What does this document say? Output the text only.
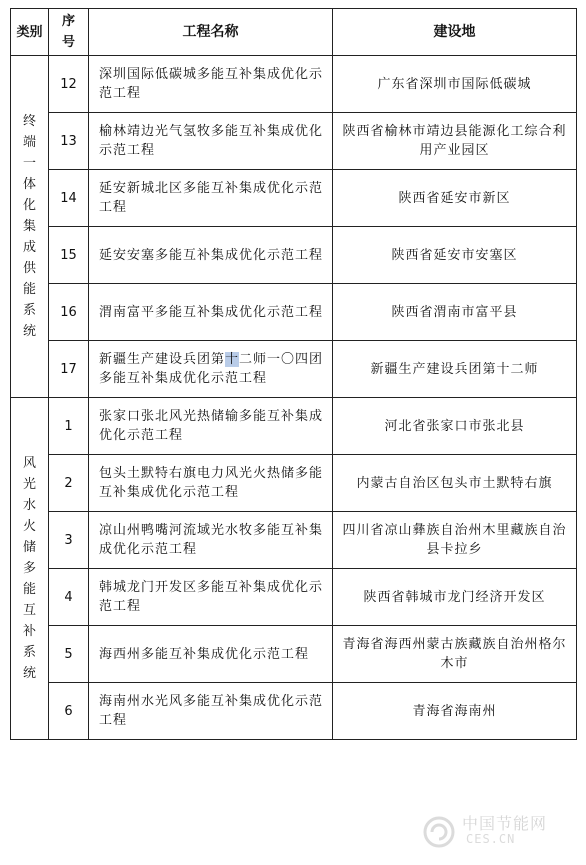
类别	序号	工程名称	建设地
终端一体化集成供能系统	12	深圳国际低碳城多能互补集成优化示范工程	广东省深圳市国际低碳城
	13	榆林靖边光气氢牧多能互补集成优化示范工程	陕西省榆林市靖边县能源化工综合利用产业园区
	14	延安新城北区多能互补集成优化示范工程	陕西省延安市新区
	15	延安安塞多能互补集成优化示范工程	陕西省延安市安塞区
	16	渭南富平多能互补集成优化示范工程	陕西省渭南市富平县
	17	新疆生产建设兵团第十二师一〇四团多能互补集成优化示范工程	新疆生产建设兵团第十二师
风光水火储多能互补系统	1	张家口张北风光热储输多能互补集成优化示范工程	河北省张家口市张北县
	2	包头土默特右旗电力风光火热储多能互补集成优化示范工程	内蒙古自治区包头市土默特右旗
	3	凉山州鸭嘴河流域光水牧多能互补集成优化示范工程	四川省凉山彝族自治州木里藏族自治县卡拉乡
	4	韩城龙门开发区多能互补集成优化示范工程	陕西省韩城市龙门经济开发区
	5	海西州多能互补集成优化示范工程	青海省海西州蒙古族藏族自治州格尔木市
	6	海南州水光风多能互补集成优化示范工程	青海省海南州
中国节能网
CES.CN
